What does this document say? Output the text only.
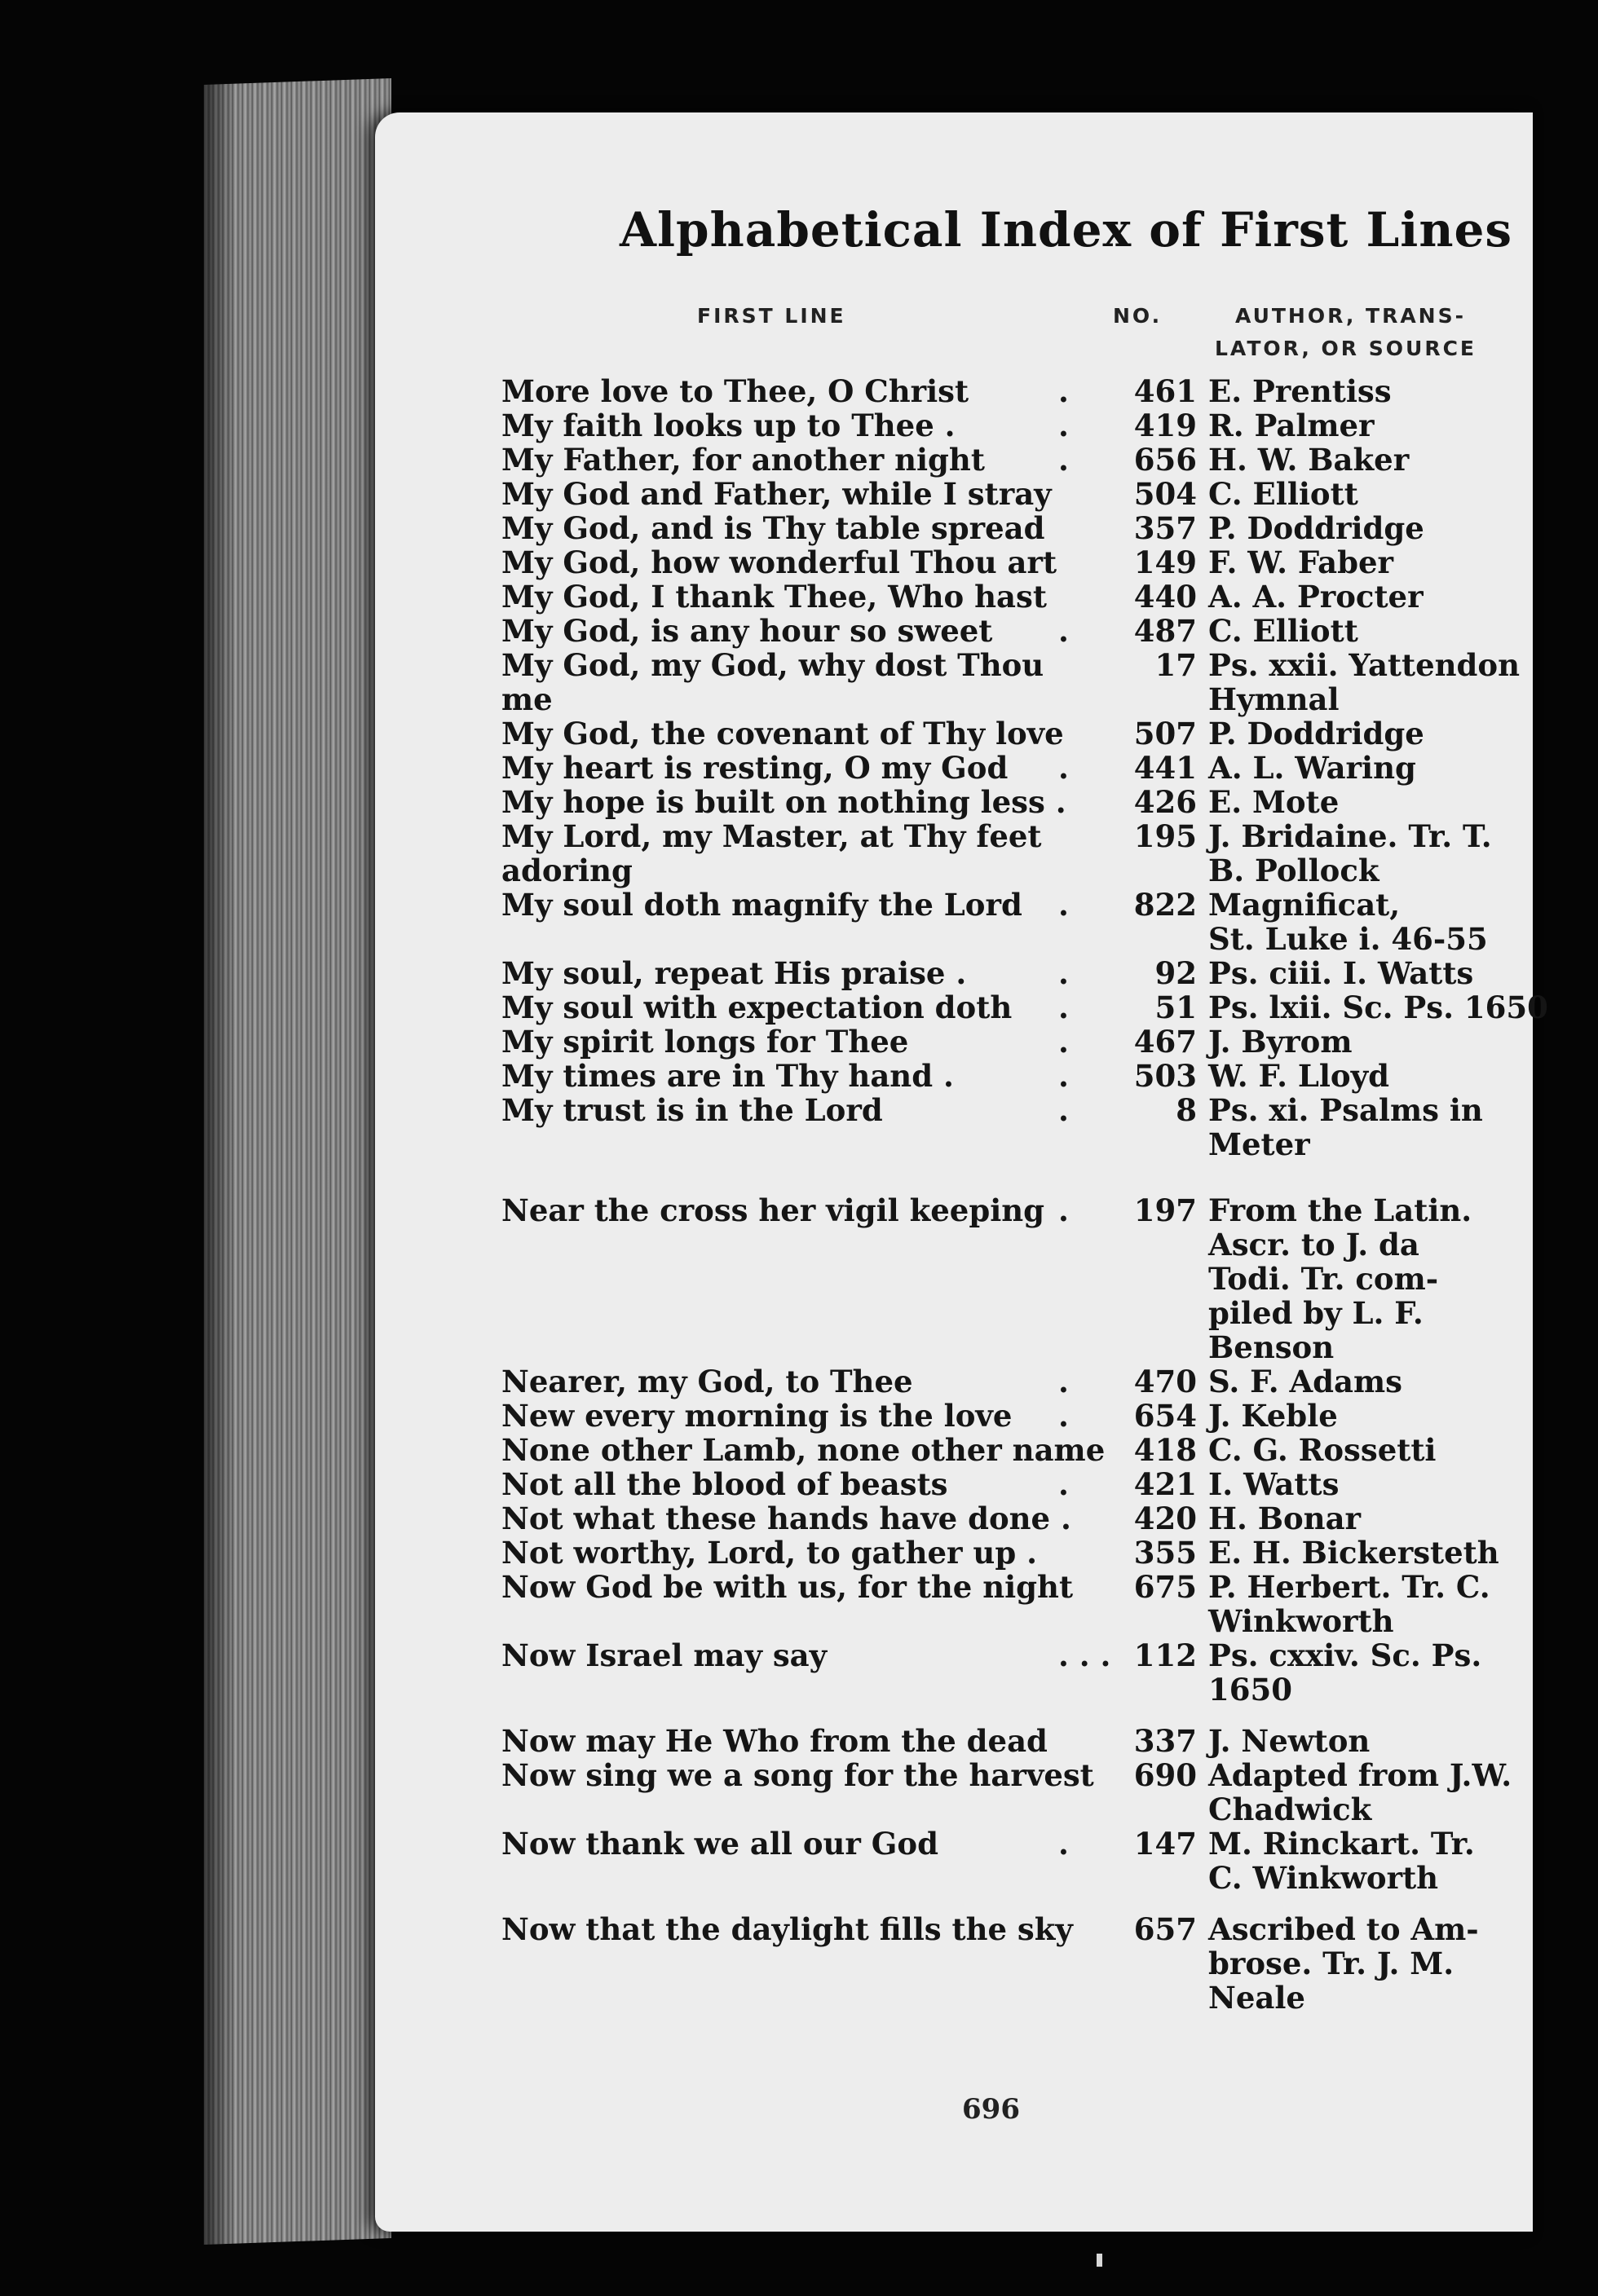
Alphabetical Index of First Lines
FIRST LINE	NO.	AUTHOR, TRANS-
LATOR, OR SOURCE
More love to Thee, O Christ	.	461 E. Prentiss
My faith looks up to Thee .	.	419 R. Palmer
My Father, for another night .	656 H. W. Baker
My God and Father, while I stray	504 C. Elliott
My God, and is Thy table spread	357 P. Doddridge
My God, how wonderful Thou art	149 F. W. Faber
My God, I thank Thee, Who hast	440 A. A. Procter
My God, is any hour so sweet .	487 C. Elliott
My God, my God, why dost Thou	17 Ps. xxii. Yattendon
me	Hymnal
My God, the covenant of Thy love	507 P. Doddridge
My heart is resting, O my God .	441 A. L. Waring
My hope is built on nothing less .	426 E. Mote
My Lord, my Master, at Thy feet	195 J. Bridaine. Tr. T.
adoring	B. Pollock
My soul doth magnify the Lord .	822 Magnificat,
St. Luke i. 46-55
My soul, repeat His praise .	.	92 Ps. ciii. I. Watts
My soul with expectation doth .	51 Ps. lxii. Sc. Ps. 1650
My spirit longs for Thee	.	467 J. Byrom
My times are in Thy hand .	.	503 W. F. Lloyd
My trust is in the Lord	.	8 Ps. xi. Psalms in
Meter
Near the cross her vigil keeping .	197 From the Latin.
Ascr. to J. da
Todi. Tr. com-
piled by L. F.
Benson
Nearer, my God, to Thee	.	470 S. F. Adams
New every morning is the love .	654 J. Keble
None other Lamb, none other name 418 C. G. Rossetti
Not all the blood of beasts	.	421 I. Watts
Not what these hands have done .	420 H. Bonar
Not worthy, Lord, to gather up .	355 E. H. Bickersteth
Now God be with us, for the night	675 P. Herbert. Tr. C.
Winkworth
Now Israel may say	. . . 112 Ps. cxxiv. Sc. Ps.
1650
Now may He Who from the dead	337 J. Newton
Now sing we a song for the harvest	690 Adapted from J.W.
Chadwick
Now thank we all our God	.	147 M. Rinckart. Tr.
C. Winkworth
Now that the daylight fills the sky	657 Ascribed to Am-
brose. Tr. J. M.
Neale
696
